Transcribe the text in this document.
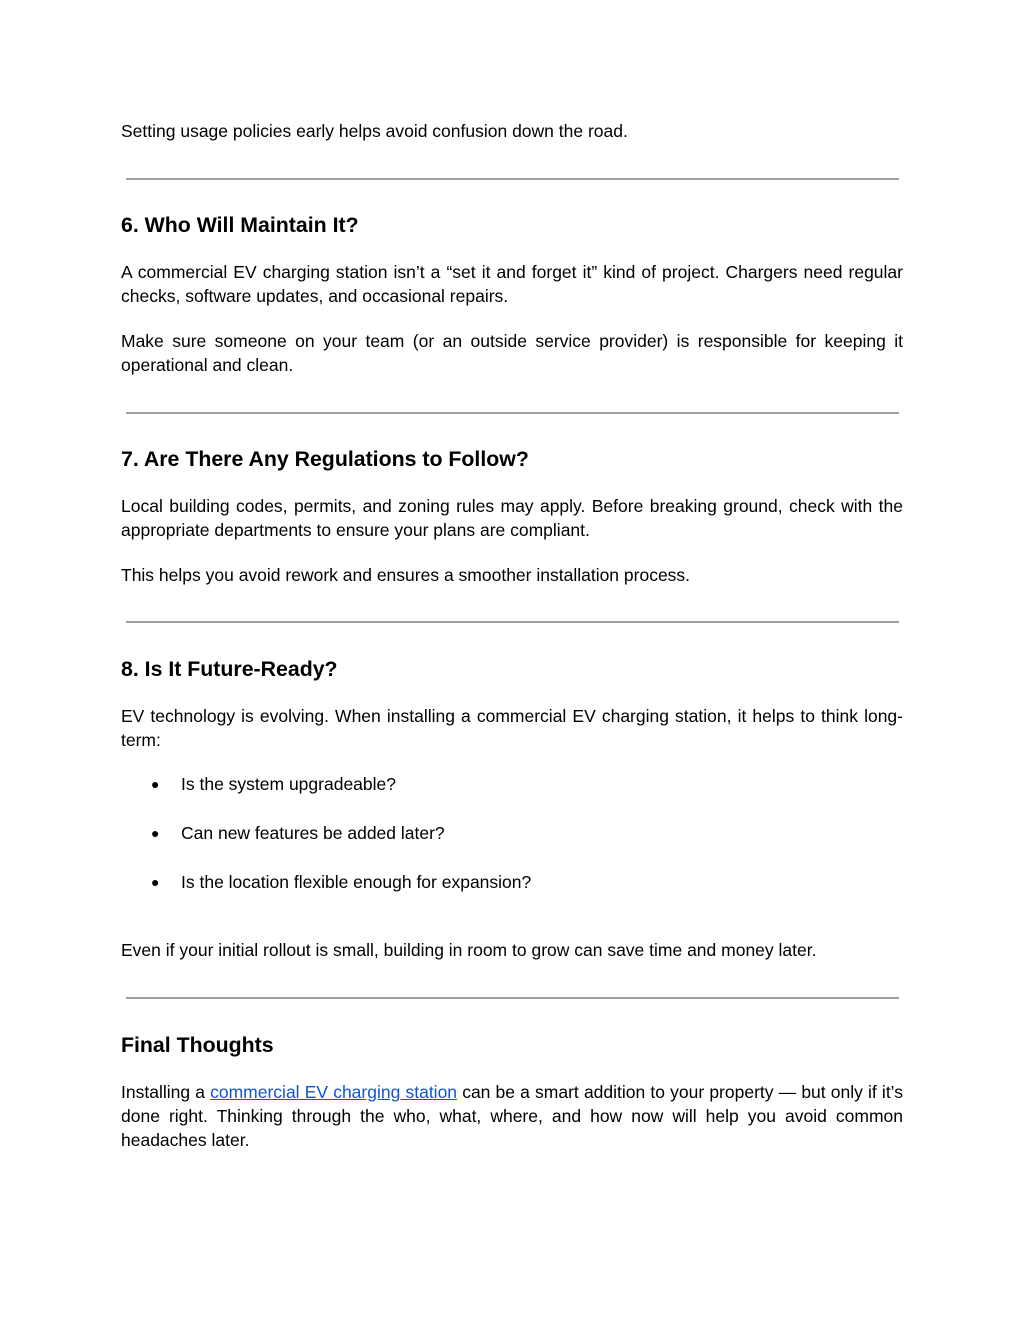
Setting usage policies early helps avoid confusion down the road.

6. Who Will Maintain It?

A commercial EV charging station isn’t a “set it and forget it” kind of project. Chargers need regular checks, software updates, and occasional repairs.

Make sure someone on your team (or an outside service provider) is responsible for keeping it operational and clean.

7. Are There Any Regulations to Follow?

Local building codes, permits, and zoning rules may apply. Before breaking ground, check with the appropriate departments to ensure your plans are compliant.

This helps you avoid rework and ensures a smoother installation process.

8. Is It Future-Ready?

EV technology is evolving. When installing a commercial EV charging station, it helps to think long-term:

● Is the system upgradeable?
● Can new features be added later?
● Is the location flexible enough for expansion?

Even if your initial rollout is small, building in room to grow can save time and money later.

Final Thoughts

Installing a commercial EV charging station can be a smart addition to your property — but only if it’s done right. Thinking through the who, what, where, and how now will help you avoid common headaches later.
